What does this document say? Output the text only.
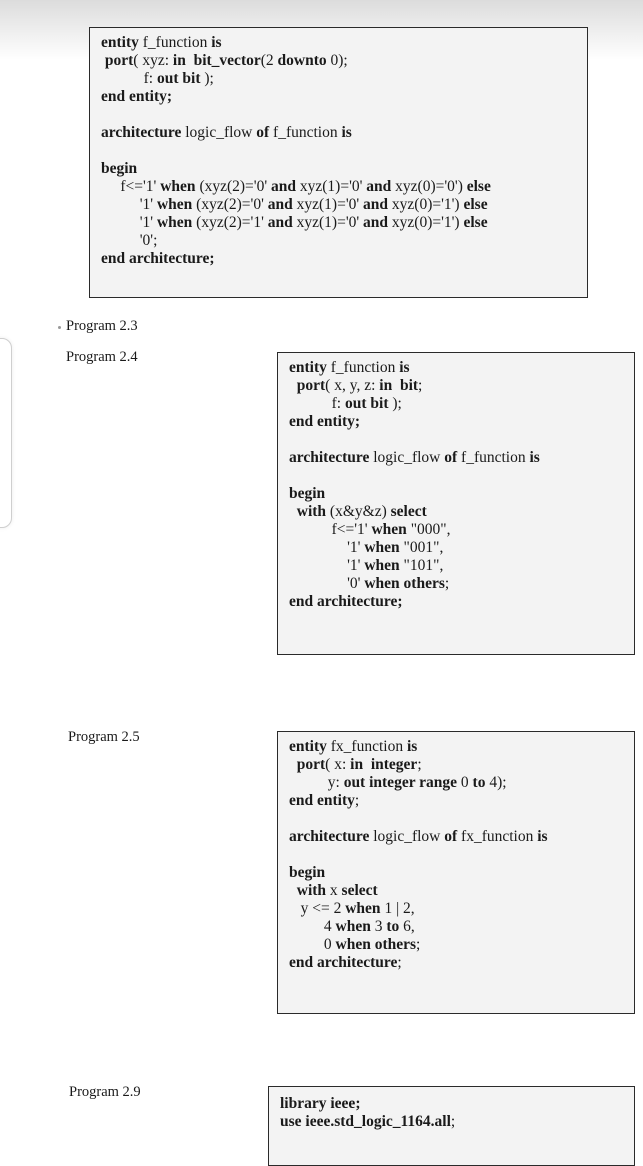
entity f_function is
port( xyz: in bit_vector(2 downto 0);
f: out bit );
end entity;
architecture logic_flow of f_function is
begin
f<='1' when (xyz(2)='0' and xyz(1)='0' and xyz(0)='0') else
'1' when (xyz(2)='0' and xyz(1)='0' and xyz(0)='1') else
'1' when (xyz(2)='1' and xyz(1)='0' and xyz(0)='1') else
'0';
end architecture;
Program 2.3
Program 2.4
entity f_function is
port( x, y, z: in bit;
f: out bit );
end entity;
architecture logic_flow of f_function is
begin
with (x&y&z) select
f<='1' when "000",
'1' when "001",
'1' when "101",
'0' when others;
end architecture;
Program 2.5
entity fx_function is
port( x: in integer;
y: out integer range 0 to 4);
end entity;
architecture logic_flow of fx_function is
begin
with x select
y <= 2 when 1 | 2,
4 when 3 to 6,
0 when others;
end architecture;
Program 2.9
library ieee;
use ieee.std_logic_1164.all;
